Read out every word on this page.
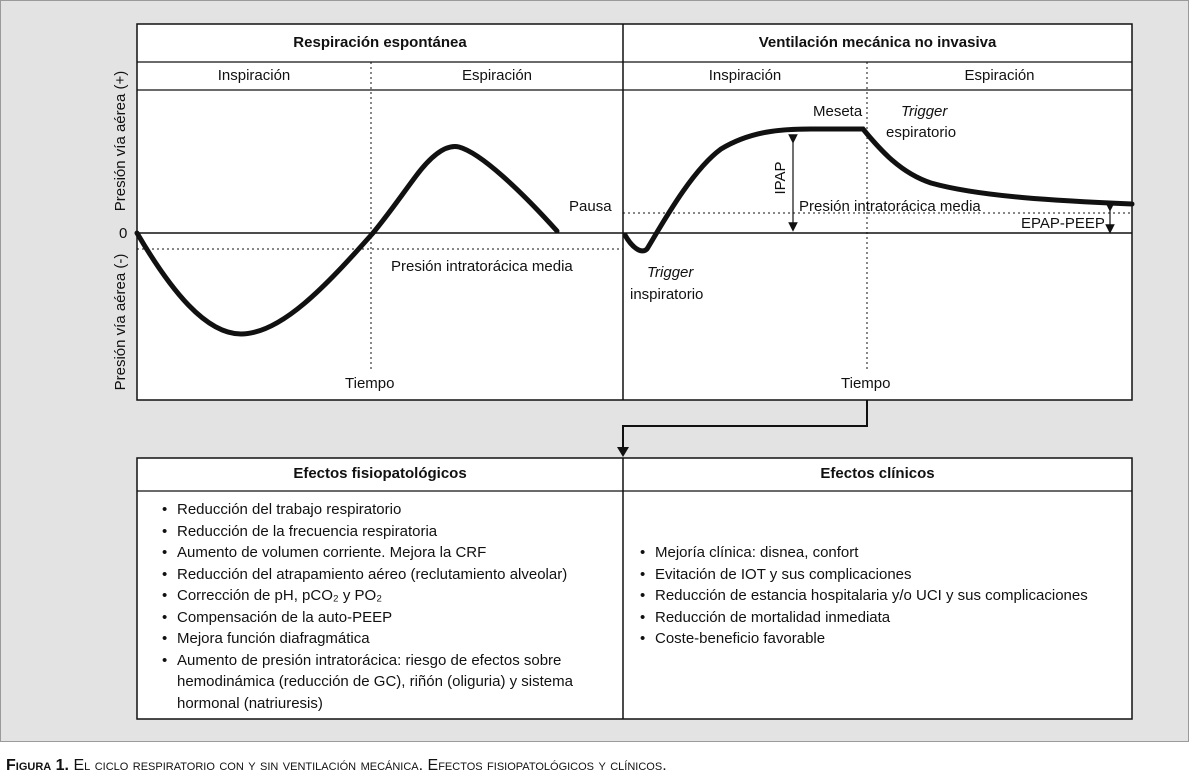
Respiración espontánea	Ventilación mecánica no invasiva
Inspiración	Espiración	Inspiración	Espiración
Presión vía aérea (+)
Presión vía aérea (-)
0
Pausa
Presión intratorácica media
Tiempo
Meseta	Trigger
espiratorio
IPAP
Presión intratorácica media
EPAP-PEEP
Trigger
inspiratorio
Tiempo
Efectos fisiopatológicos	Efectos clínicos
• Reducción del trabajo respiratorio
• Reducción de la frecuencia respiratoria
• Aumento de volumen corriente. Mejora la CRF
• Reducción del atrapamiento aéreo (reclutamiento alveolar)
• Corrección de pH, pCO₂ y PO₂
• Compensación de la auto-PEEP
• Mejora función diafragmática
• Aumento de presión intratorácica: riesgo de efectos sobre hemodinámica (reducción de GC), riñón (oliguria) y sistema hormonal (natriuresis)
• Mejoría clínica: disnea, confort
• Evitación de IOT y sus complicaciones
• Reducción de estancia hospitalaria y/o UCI y sus complicaciones
• Reducción de mortalidad inmediata
• Coste-beneficio favorable
Figura 1. El ciclo respiratorio con y sin ventilación mecánica. Efectos fisiopatológicos y clínicos.
